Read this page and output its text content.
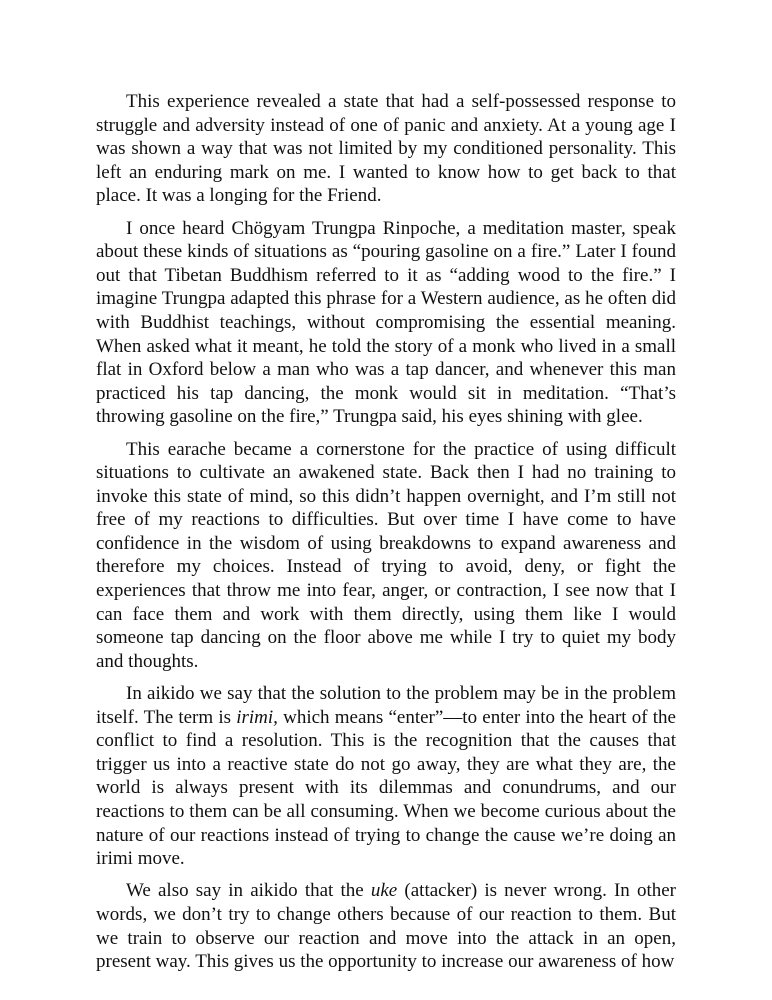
This experience revealed a state that had a self-possessed response to struggle and adversity instead of one of panic and anxiety. At a young age I was shown a way that was not limited by my conditioned personality. This left an enduring mark on me. I wanted to know how to get back to that place. It was a longing for the Friend.

I once heard Chögyam Trungpa Rinpoche, a meditation master, speak about these kinds of situations as “pouring gasoline on a fire.” Later I found out that Tibetan Buddhism referred to it as “adding wood to the fire.” I imagine Trungpa adapted this phrase for a Western audience, as he often did with Buddhist teachings, without compromising the essential meaning. When asked what it meant, he told the story of a monk who lived in a small flat in Oxford below a man who was a tap dancer, and whenever this man practiced his tap dancing, the monk would sit in meditation. “That’s throwing gasoline on the fire,” Trungpa said, his eyes shining with glee.

This earache became a cornerstone for the practice of using difficult situations to cultivate an awakened state. Back then I had no training to invoke this state of mind, so this didn’t happen overnight, and I’m still not free of my reactions to difficulties. But over time I have come to have confidence in the wisdom of using breakdowns to expand awareness and therefore my choices. Instead of trying to avoid, deny, or fight the experiences that throw me into fear, anger, or contraction, I see now that I can face them and work with them directly, using them like I would someone tap dancing on the floor above me while I try to quiet my body and thoughts.

In aikido we say that the solution to the problem may be in the problem itself. The term is irimi, which means “enter”—to enter into the heart of the conflict to find a resolution. This is the recognition that the causes that trigger us into a reactive state do not go away, they are what they are, the world is always present with its dilemmas and conundrums, and our reactions to them can be all consuming. When we become curious about the nature of our reactions instead of trying to change the cause we’re doing an irimi move.

We also say in aikido that the uke (attacker) is never wrong. In other words, we don’t try to change others because of our reaction to them. But we train to observe our reaction and move into the attack in an open, present way. This gives us the opportunity to increase our awareness of how
